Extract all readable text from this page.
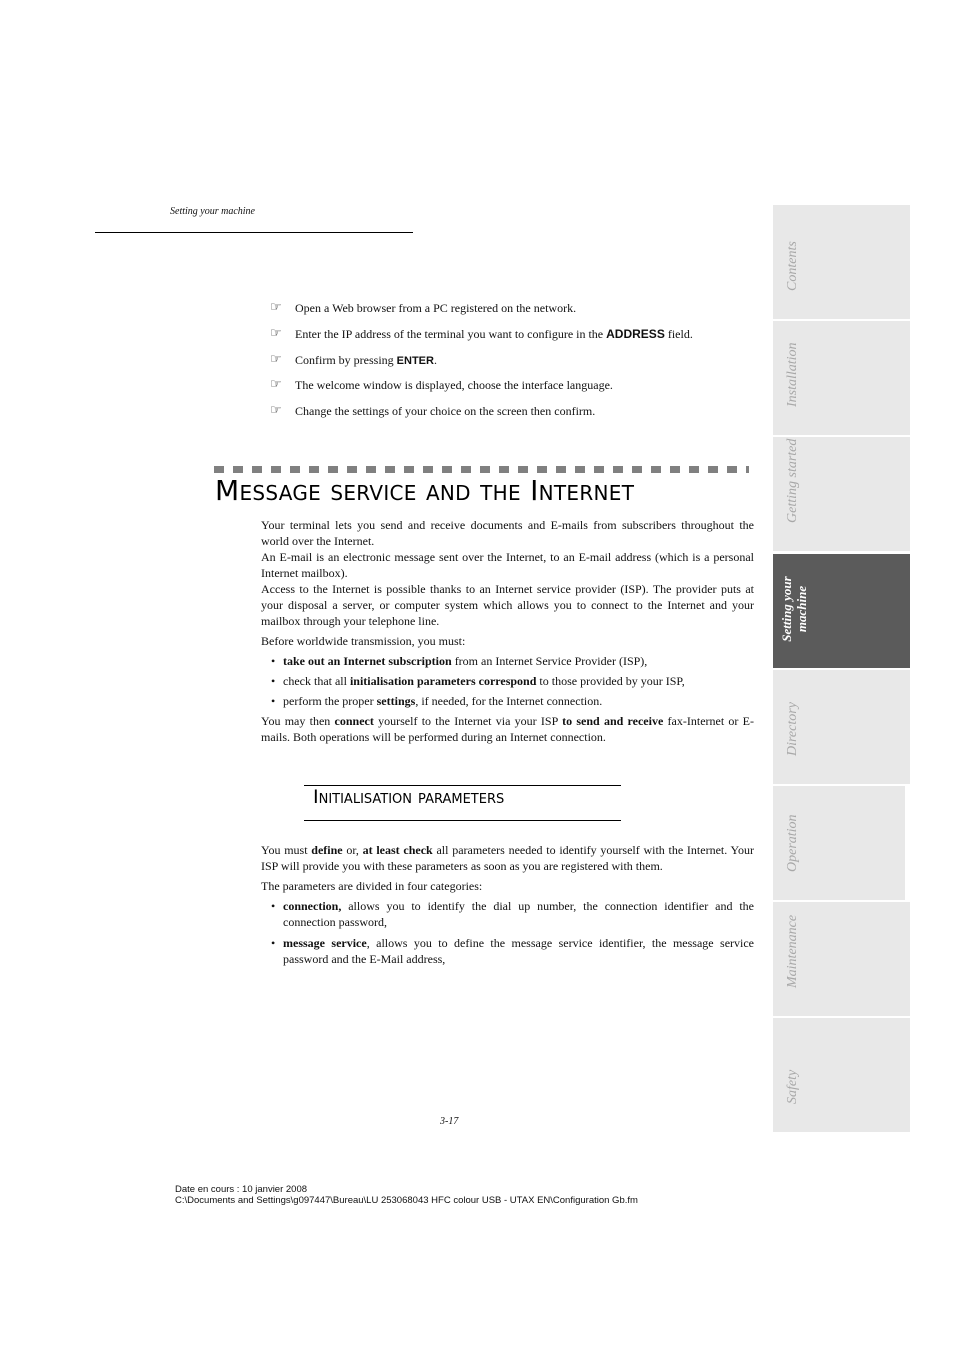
Setting your machine
☞	Open a Web browser from a PC registered on the network.
☞	Enter the IP address of the terminal you want to configure in the ADDRESS field.
☞	Confirm by pressing ENTER.
☞	The welcome window is displayed, choose the interface language.
☞	Change the settings of your choice on the screen then confirm.
Message service and the Internet

Your terminal lets you send and receive documents and E-mails from subscribers throughout the world over the Internet.

An E-mail is an electronic message sent over the Internet, to an E-mail address (which is a personal Internet mailbox).

Access to the Internet is possible thanks to an Internet service provider (ISP). The provider puts at your disposal a server, or computer system which allows you to connect to the Internet and your mailbox through your telephone line.

Before worldwide transmission, you must:

• take out an Internet subscription from an Internet Service Provider (ISP),
• check that all initialisation parameters correspond to those provided by your ISP,
• perform the proper settings, if needed, for the Internet connection.

You may then connect yourself to the Internet via your ISP to send and receive fax-Internet or E-mails. Both operations will be performed during an Internet connection.

Initialisation parameters

You must define or, at least check all parameters needed to identify yourself with the Internet. Your ISP will provide you with these parameters as soon as you are registered with them.

The parameters are divided in four categories:

• connection, allows you to identify the dial up number, the connection identifier and the connection password,
• message service, allows you to define the message service identifier, the message service password and the E-Mail address,
3-17
Date en cours : 10 janvier 2008
C:\Documents and Settings\g097447\Bureau\LU 253068043 HFC colour USB - UTAX EN\Configuration Gb.fm
Contents
Installation
Getting started
Setting your machine
Directory
Operation
Maintenance
Safety
